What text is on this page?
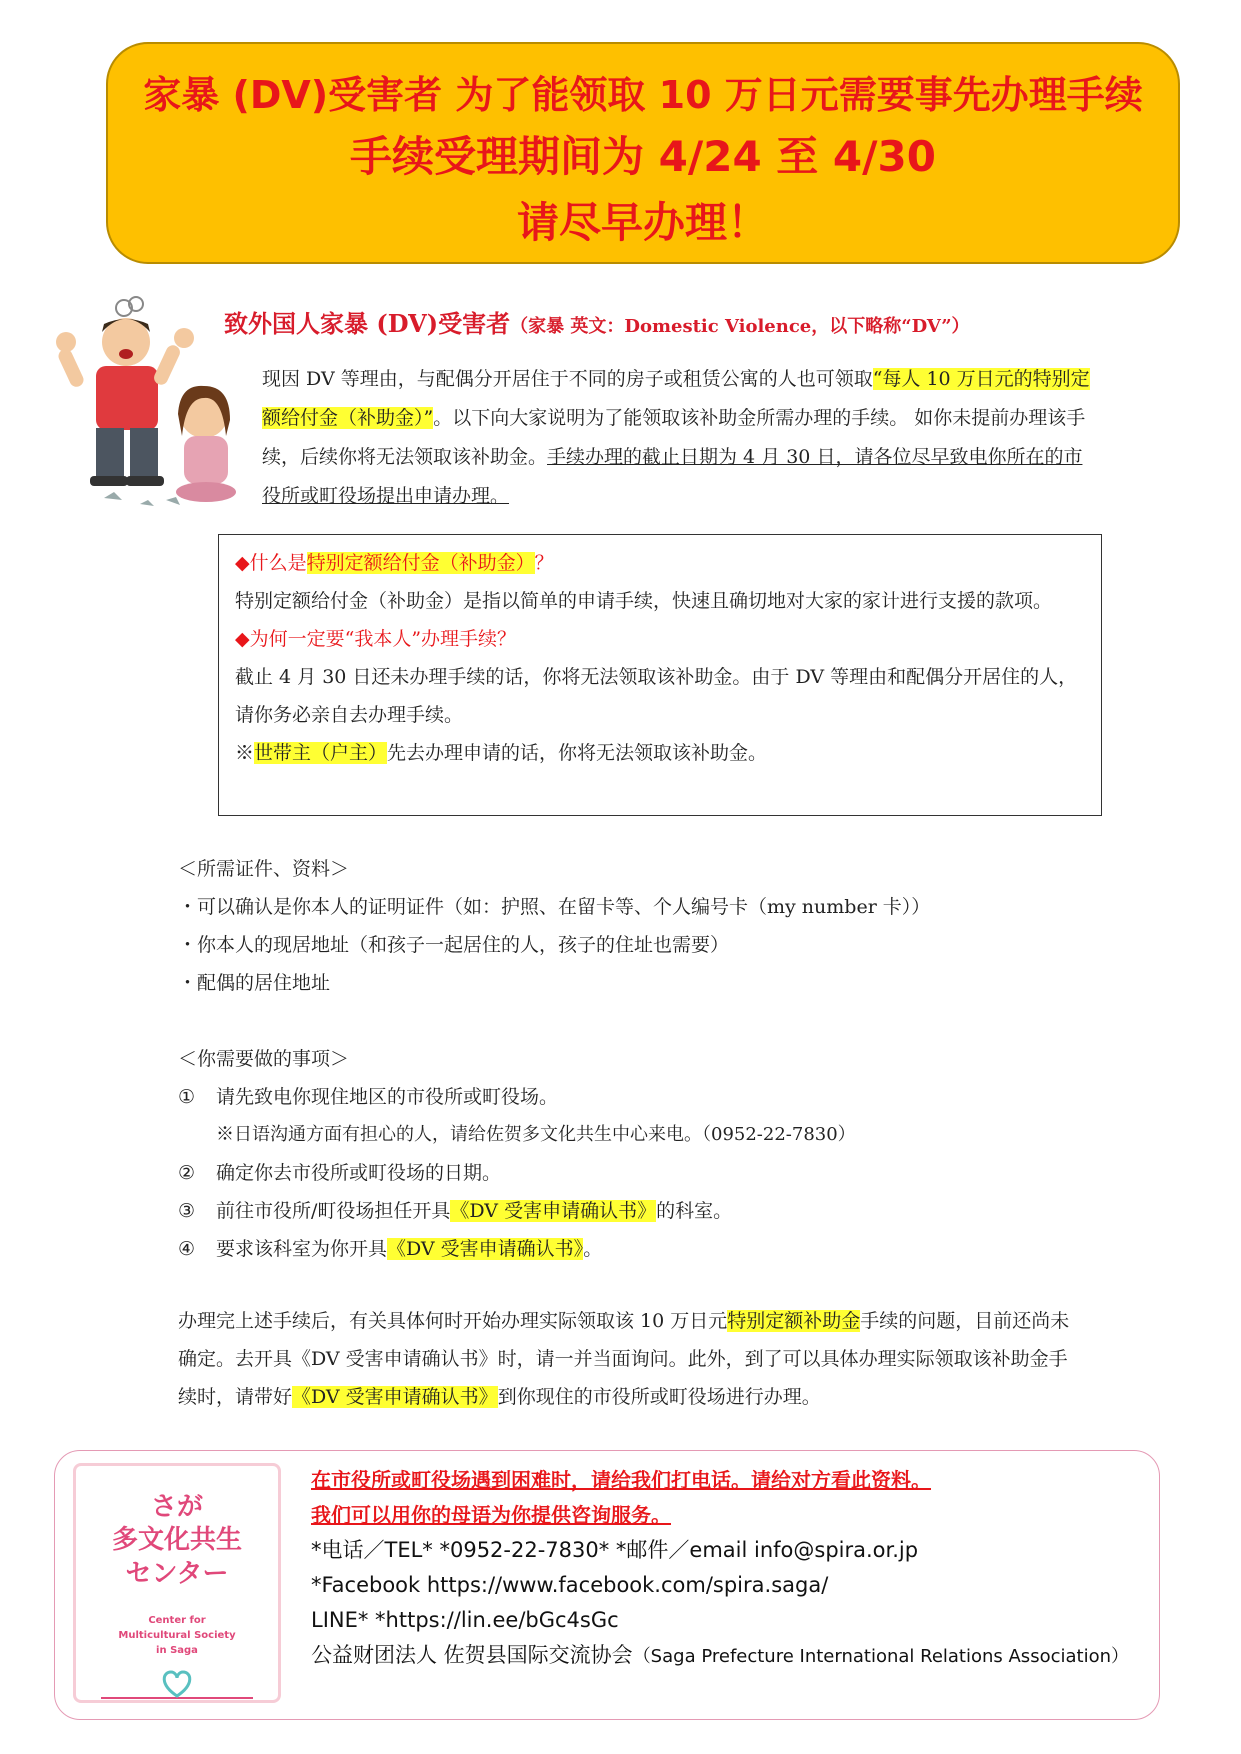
家暴 (DV)受害者 为了能领取 10 万日元需要事先办理手续
手续受理期间为 4/24 至 4/30
请尽早办理！
致外国人家暴 (DV)受害者（家暴 英文：Domestic Violence，以下略称“DV”）
现因 DV 等理由，与配偶分开居住于不同的房子或租赁公寓的人也可领取“每人 10 万日元的特别定额给付金（补助金）”。以下向大家说明为了能领取该补助金所需办理的手续。 如你未提前办理该手续，后续你将无法领取该补助金。手续办理的截止日期为 4 月 30 日，请各位尽早致电你所在的市役所或町役场提出申请办理。
◆什么是特别定额给付金（补助金）？
特别定额给付金（补助金）是指以简单的申请手续，快速且确切地对大家的家计进行支援的款项。
◆为何一定要“我本人”办理手续？
截止 4 月 30 日还未办理手续的话，你将无法领取该补助金。由于 DV 等理由和配偶分开居住的人，请你务必亲自去办理手续。
※世带主（户主）先去办理申请的话，你将无法领取该补助金。
＜所需证件、资料＞
・可以确认是你本人的证明证件（如：护照、在留卡等、个人编号卡（my number 卡））
・你本人的现居地址（和孩子一起居住的人，孩子的住址也需要）
・配偶的居住地址
＜你需要做的事项＞
①	请先致电你现住地区的市役所或町役场。
※日语沟通方面有担心的人，请给佐贺多文化共生中心来电。（0952-22-7830）
②	确定你去市役所或町役场的日期。
③	前往市役所/町役场担任开具《DV 受害申请确认书》的科室。
④	要求该科室为你开具《DV 受害申请确认书》。
办理完上述手续后，有关具体何时开始办理实际领取该 10 万日元特别定额补助金手续的问题，目前还尚未确定。去开具《DV 受害申请确认书》时，请一并当面询问。此外，到了可以具体办理实际领取该补助金手续时，请带好《DV 受害申请确认书》到你现住的市役所或町役场进行办理。
さが
多文化共生
センター
Center for
Multicultural Society
in Saga
在市役所或町役场遇到困难时，请给我们打电话。请给对方看此资料。
我们可以用你的母语为你提供咨询服务。
*电话／TEL* *0952-22-7830* *邮件／email info@spira.or.jp
*Facebook https://www.facebook.com/spira.saga/
LINE* *https://lin.ee/bGc4sGc
公益财团法人 佐贺县国际交流协会（Saga Prefecture International Relations Association）
